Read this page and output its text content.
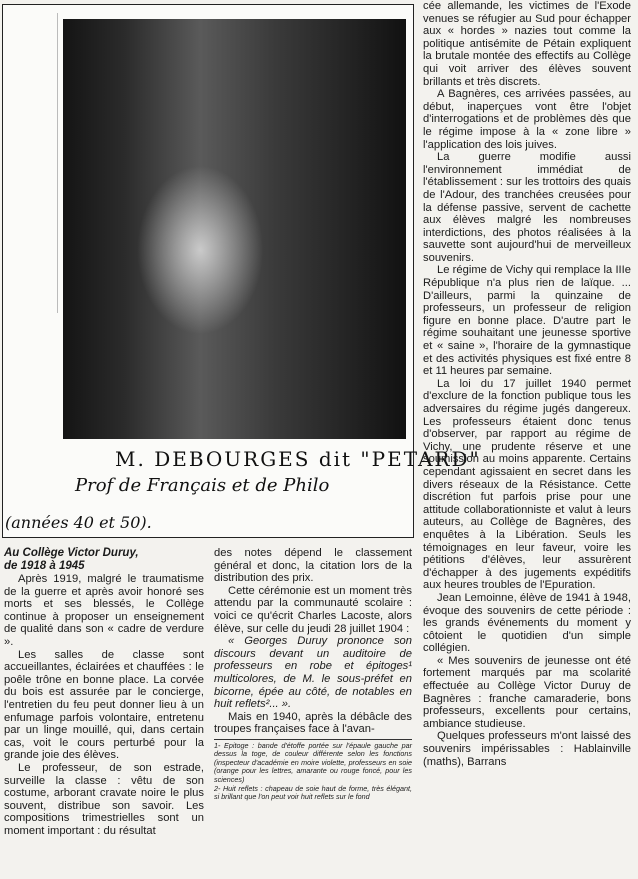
M. DEBOURGES dit "PETARD"
Prof de Français et de Philo
(années 40 et 50).

Au Collège Victor Duruy,

de 1918 à 1945

Après 1919, malgré le traumatisme de la guerre et après avoir honoré ses morts et ses blessés, le Collège continue à proposer un enseignement de qualité dans son « cadre de verdure ».

Les salles de classe sont accueillantes, éclairées et chauffées : le poêle trône en bonne place. La corvée du bois est assurée par le concierge, l'entretien du feu peut donner lieu à un enfumage parfois volontaire, entretenu par un linge mouillé, qui, dans certain cas, voit le cours perturbé pour la grande joie des élèves.

Le professeur, de son estrade, surveille la classe : vêtu de son costume, arborant cravate noire le plus souvent, distribue son savoir. Les compositions trimestrielles sont un moment important : du résultat

des notes dépend le classement général et donc, la citation lors de la distribution des prix.

Cette cérémonie est un moment très attendu par la communauté scolaire : voici ce qu'écrit Charles Lacoste, alors élève, sur celle du jeudi 28 juillet 1904 :

« Georges Duruy prononce son discours devant un auditoire de professeurs en robe et épitoges¹ multicolores, de M. le sous-préfet en bicorne, épée au côté, de notables en huit reflets²... ».

Mais en 1940, après la débâcle des troupes françaises face à l'avan-

1- Epitoge : bande d'étoffe portée sur l'épaule gauche par dessus la toge, de couleur différente selon les fonctions (inspecteur d'académie en moire violette, professeurs en soie (orange pour les lettres, amarante ou rouge foncé, pour les sciences)
2- Huit reflets : chapeau de soie haut de forme, très élégant, si brillant que l'on peut voir huit reflets sur le fond

cée allemande, les victimes de l'Exode venues se réfugier au Sud pour échapper aux « hordes » nazies tout comme la politique antisémite de Pétain expliquent la brutale montée des effectifs au Collège qui voit arriver des élèves souvent brillants et très discrets.

A Bagnères, ces arrivées passées, au début, inaperçues vont être l'objet d'interrogations et de problèmes dès que le régime impose à la « zone libre » l'application des lois juives.

La guerre modifie aussi l'environnement immédiat de l'établissement : sur les trottoirs des quais de l'Adour, des tranchées creusées pour la défense passive, servent de cachette aux élèves malgré les nombreuses interdictions, des photos réalisées à la sauvette sont aujourd'hui de merveilleux souvenirs.

Le régime de Vichy qui remplace la IIIe République n'a plus rien de laïque. ... D'ailleurs, parmi la quinzaine de professeurs, un professeur de religion figure en bonne place. D'autre part le régime souhaitant une jeunesse sportive et « saine », l'horaire de la gymnastique et des activités physiques est fixé entre 8 et 11 heures par semaine.

La loi du 17 juillet 1940 permet d'exclure de la fonction publique tous les adversaires du régime jugés dangereux. Les professeurs étaient donc tenus d'observer, par rapport au régime de Vichy, une prudente réserve et une soumission au moins apparente. Certains cependant agissaient en secret dans les divers réseaux de la Résistance. Cette discrétion fut parfois prise pour une attitude collaborationniste et valut à leurs auteurs, au Collège de Bagnères, des enquêtes à la Libération. Seuls les témoignages en leur faveur, voire les pétitions d'élèves, leur assurèrent d'échapper à des jugements expéditifs aux heures troubles de l'Epuration.

Jean Lemoinne, élève de 1941 à 1948, évoque des souvenirs de cette période : les grands événements du moment y côtoient le quotidien d'un simple collégien.

« Mes souvenirs de jeunesse ont été fortement marqués par ma scolarité effectuée au Collège Victor Duruy de Bagnères : franche camaraderie, bons professeurs, excellents pour certains, ambiance studieuse.

Quelques professeurs m'ont laissé des souvenirs impérissables : Hablainville (maths), Barrans
